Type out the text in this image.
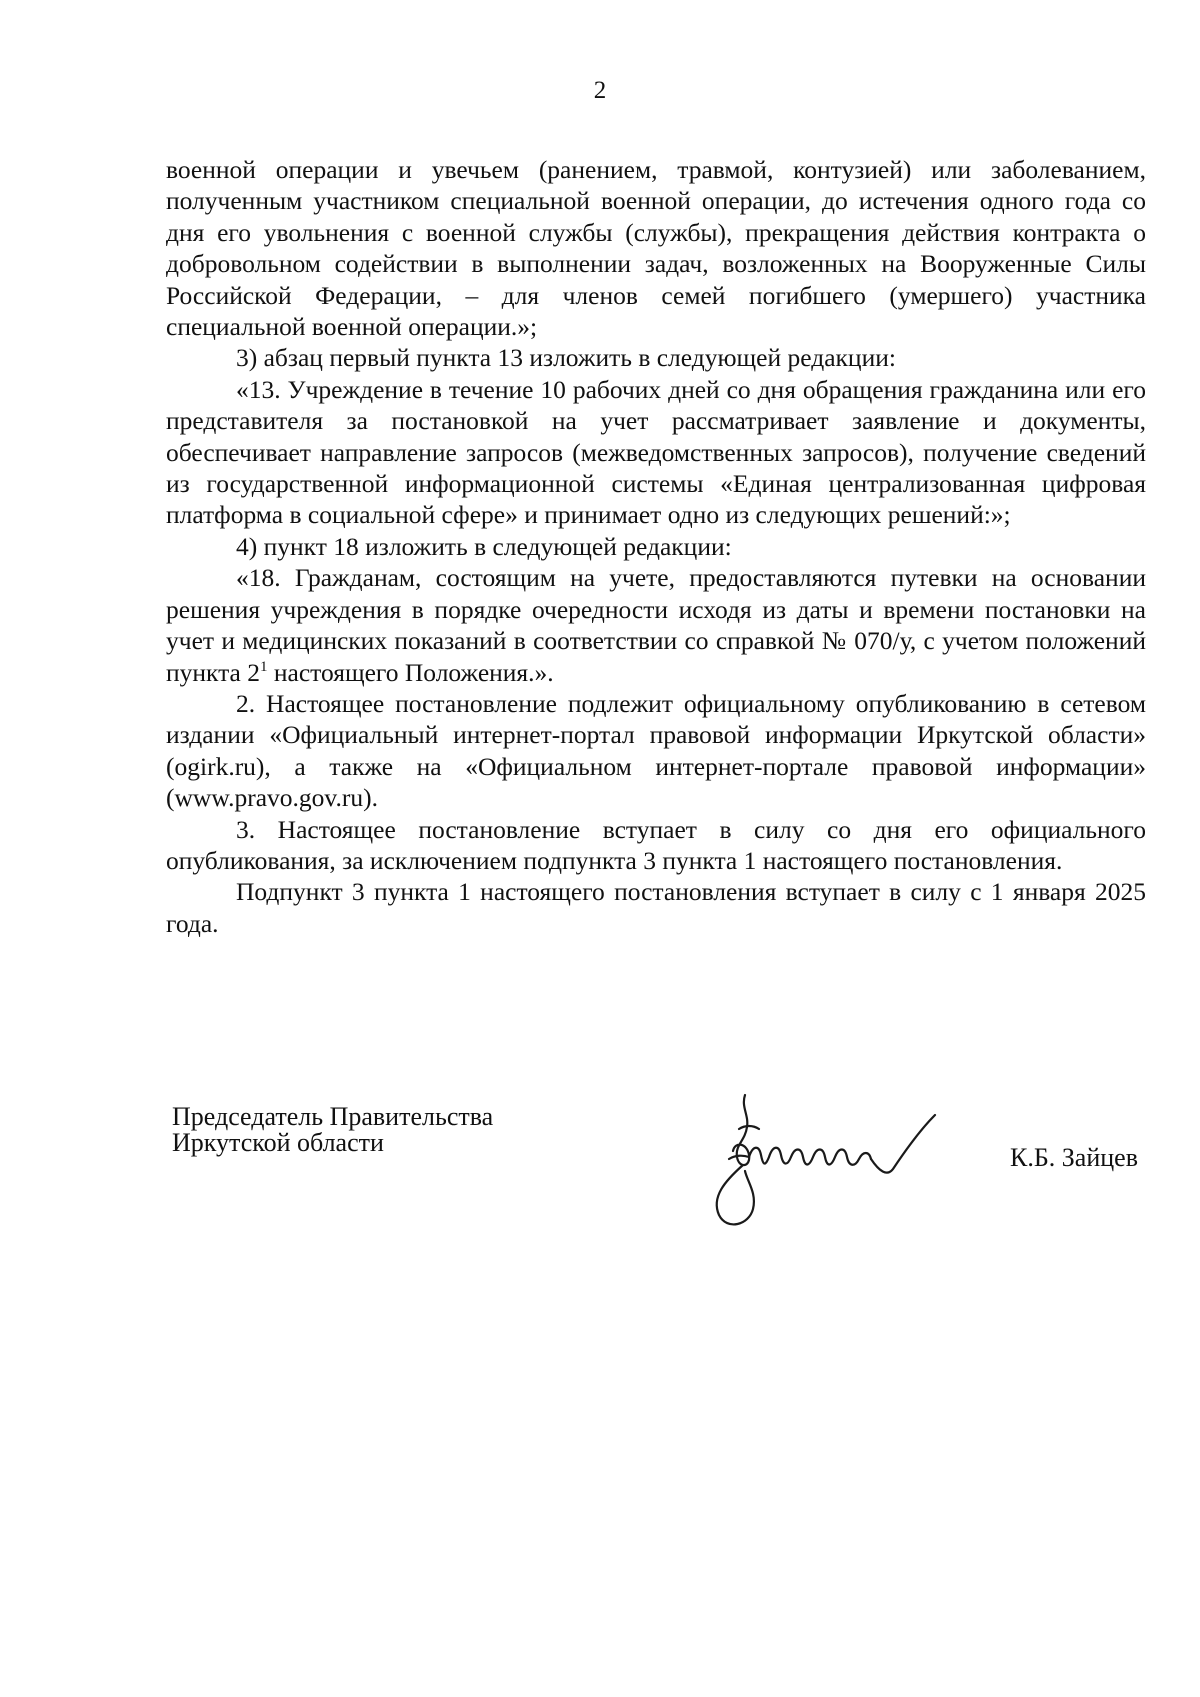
2

военной операции и увечьем (ранением, травмой, контузией) или заболеванием, полученным участником специальной военной операции, до истечения одного года со дня его увольнения с военной службы (службы), прекращения действия контракта о добровольном содействии в выполнении задач, возложенных на Вооруженные Силы Российской Федерации, – для членов семей погибшего (умершего) участника специальной военной операции.»;

3) абзац первый пункта 13 изложить в следующей редакции:

«13. Учреждение в течение 10 рабочих дней со дня обращения гражданина или его представителя за постановкой на учет рассматривает заявление и документы, обеспечивает направление запросов (межведомственных запросов), получение сведений из государственной информационной системы «Единая централизованная цифровая платформа в социальной сфере» и принимает одно из следующих решений:»;

4) пункт 18 изложить в следующей редакции:

«18. Гражданам, состоящим на учете, предоставляются путевки на основании решения учреждения в порядке очередности исходя из даты и времени постановки на учет и медицинских показаний в соответствии со справкой № 070/у, с учетом положений пункта $2^1$ настоящего Положения.».

2. Настоящее постановление подлежит официальному опубликованию в сетевом издании «Официальный интернет-портал правовой информации Иркутской области» (ogirk.ru), а также на «Официальном интернет-портале правовой информации» (www.pravo.gov.ru).

3. Настоящее постановление вступает в силу со дня его официального опубликования, за исключением подпункта 3 пункта 1 настоящего постановления.

Подпункт 3 пункта 1 настоящего постановления вступает в силу с 1 января 2025 года.

Председатель Правительства
Иркутской области
К.Б. Зайцев
